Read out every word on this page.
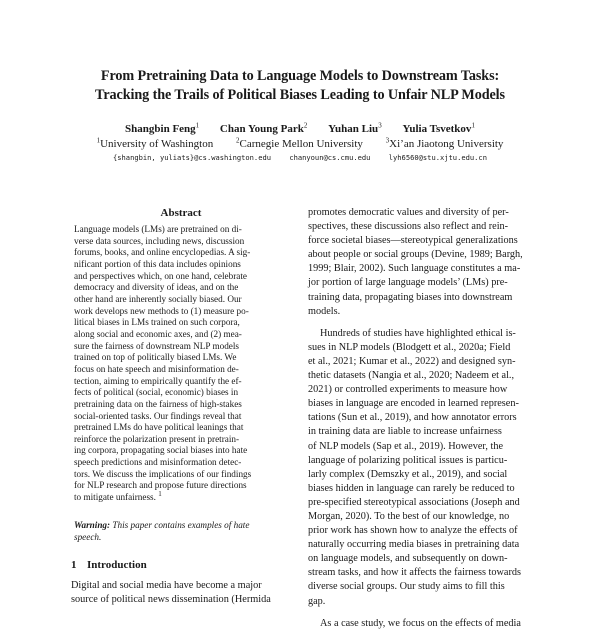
From Pretraining Data to Language Models to Downstream Tasks:
Tracking the Trails of Political Biases Leading to Unfair NLP Models
Shangbin Feng$^1$ Chan Young Park$^2$ Yuhan Liu$^3$ Yulia Tsvetkov$^1$
$^1$University of Washington	$^2$Carnegie Mellon University	$^3$Xi’an Jiaotong University
{shangbin, yuliats}@cs.washington.edu	chanyoun@cs.cmu.edu	lyh6560@stu.xjtu.edu.cn
Abstract
Language models (LMs) are pretrained on di-
verse data sources, including news, discussion
forums, books, and online encyclopedias. A sig-
nificant portion of this data includes opinions
and perspectives which, on one hand, celebrate
democracy and diversity of ideas, and on the
other hand are inherently socially biased. Our
work develops new methods to (1) measure po-
litical biases in LMs trained on such corpora,
along social and economic axes, and (2) mea-
sure the fairness of downstream NLP models
trained on top of politically biased LMs. We
focus on hate speech and misinformation de-
tection, aiming to empirically quantify the ef-
fects of political (social, economic) biases in
pretraining data on the fairness of high-stakes
social-oriented tasks. Our findings reveal that
pretrained LMs do have political leanings that
reinforce the polarization present in pretrain-
ing corpora, propagating social biases into hate
speech predictions and misinformation detec-
tors. We discuss the implications of our findings
for NLP research and propose future directions
to mitigate unfairness. $^1$
Warning: This paper contains examples of hate
speech.
1 Introduction
Digital and social media have become a major
source of political news dissemination (Hermida
promotes democratic values and diversity of per-
spectives, these discussions also reflect and rein-
force societal biases—stereotypical generalizations
about people or social groups (Devine, 1989; Bargh,
1999; Blair, 2002). Such language constitutes a ma-
jor portion of large language models’ (LMs) pre-
training data, propagating biases into downstream
models.
Hundreds of studies have highlighted ethical is-
sues in NLP models (Blodgett et al., 2020a; Field
et al., 2021; Kumar et al., 2022) and designed syn-
thetic datasets (Nangia et al., 2020; Nadeem et al.,
2021) or controlled experiments to measure how
biases in language are encoded in learned represen-
tations (Sun et al., 2019), and how annotator errors
in training data are liable to increase unfairness
of NLP models (Sap et al., 2019). However, the
language of polarizing political issues is particu-
larly complex (Demszky et al., 2019), and social
biases hidden in language can rarely be reduced to
pre-specified stereotypical associations (Joseph and
Morgan, 2020). To the best of our knowledge, no
prior work has shown how to analyze the effects of
naturally occurring media biases in pretraining data
on language models, and subsequently on down-
stream tasks, and how it affects the fairness towards
diverse social groups. Our study aims to fill this
gap.
As a case study, we focus on the effects of media
